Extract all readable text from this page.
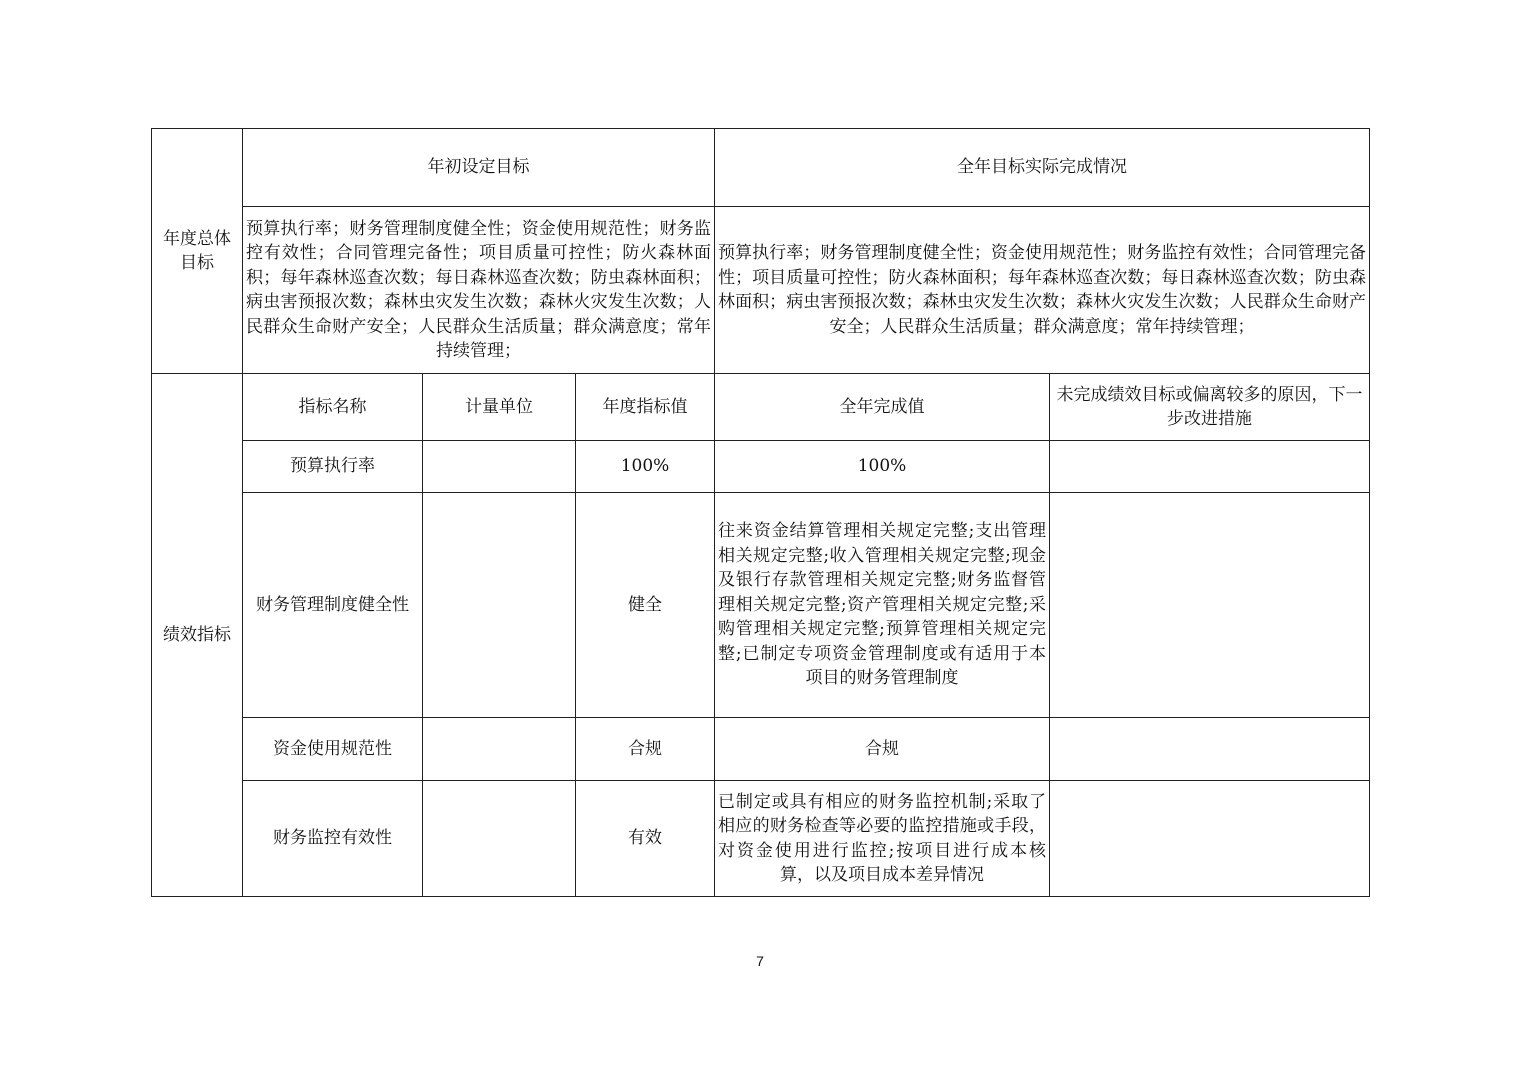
年度总体目标	年初设定目标			全年目标实际完成情况	
	预算执行率；财务管理制度健全性；资金使用规范性；财务监控有效性；合同管理完备性；项目质量可控性；防火森林面积；每年森林巡查次数；每日森林巡查次数；防虫森林面积；病虫害预报次数；森林虫灾发生次数；森林火灾发生次数；人民群众生命财产安全；人民群众生活质量；群众满意度；常年持续管理；			预算执行率；财务管理制度健全性；资金使用规范性；财务监控有效性；合同管理完备性；项目质量可控性；防火森林面积；每年森林巡查次数；每日森林巡查次数；防虫森林面积；病虫害预报次数；森林虫灾发生次数；森林火灾发生次数；人民群众生命财产安全；人民群众生活质量；群众满意度；常年持续管理；	
绩效指标	指标名称	计量单位	年度指标值	全年完成值	未完成绩效目标或偏离较多的原因，下一步改进措施
	预算执行率		100%	100%	
	财务管理制度健全性		健全	往来资金结算管理相关规定完整;支出管理相关规定完整;收入管理相关规定完整;现金及银行存款管理相关规定完整;财务监督管理相关规定完整;资产管理相关规定完整;采购管理相关规定完整;预算管理相关规定完整;已制定专项资金管理制度或有适用于本项目的财务管理制度	
	资金使用规范性		合规	合规	
	财务监控有效性		有效	已制定或具有相应的财务监控机制;采取了相应的财务检查等必要的监控措施或手段，对资金使用进行监控;按项目进行成本核算，以及项目成本差异情况	
7
